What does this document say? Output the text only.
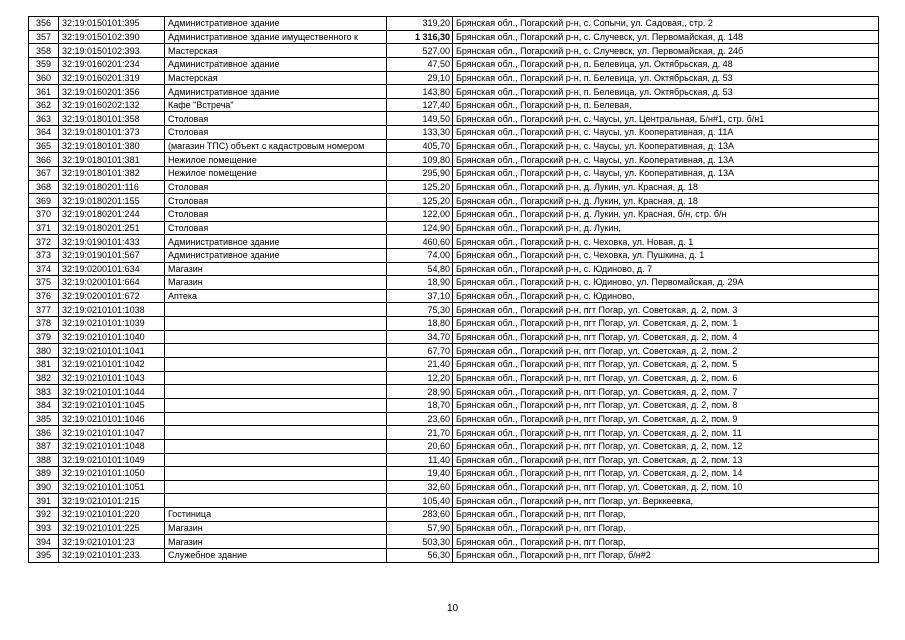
356	32:19:0150101:395	Административное здание	319,20	Брянская обл., Погарский р-н, с. Сопычи, ул. Садовая,, стр. 2
357	32:19:0150102:390	Административное здание имущественного к	1 316,30	Брянская обл., Погарский р-н, с. Случевск, ул. Первомайская, д. 148
358	32:19:0150102:393	Мастерская	527,00	Брянская обл., Погарский р-н, с. Случевск, ул. Первомайская, д. 24б
359	32:19:0160201:234	Административное здание	47,50	Брянская обл., Погарский р-н, п. Белевица, ул. Октябрьская, д. 48
360	32:19:0160201:319	Мастерская	29,10	Брянская обл., Погарский р-н, п. Белевица, ул. Октябрьская, д. 53
361	32:19:0160201:356	Административное здание	143,80	Брянская обл., Погарский р-н, п. Белевица, ул. Октябрьская, д. 53
362	32:19:0160202:132	Кафе "Встреча"	127,40	Брянская обл., Погарский р-н, п. Белевая,
363	32:19:0180101:358	Столовая	149,50	Брянская обл., Погарский р-н, с. Чаусы, ул. Центральная, Б/н#1, стр. б/н1
364	32:19:0180101:373	Столовая	133,30	Брянская обл., Погарский р-н, с. Чаусы, ул. Кооперативная, д. 11А
365	32:19:0180101:380	(магазин ТПС) объект с кадастровым номером	405,70	Брянская обл., Погарский р-н, с. Чаусы, ул. Кооперативная, д. 13А
366	32:19:0180101:381	Нежилое помещение	109,80	Брянская обл., Погарский р-н, с. Чаусы, ул. Кооперативная, д. 13А
367	32:19:0180101:382	Нежилое помещение	295,90	Брянская обл., Погарский р-н, с. Чаусы, ул. Кооперативная, д. 13А
368	32:19:0180201:116	Столовая	125,20	Брянская обл., Погарский р-н, д. Лукин, ул. Красная, д. 18
369	32:19:0180201:155	Столовая	125,20	Брянская обл., Погарский р-н, д. Лукин, ул. Красная, д. 18
370	32:19:0180201:244	Столовая	122,00	Брянская обл., Погарский р-н, д. Лукин, ул. Красная, б/н, стр. б/н
371	32:19:0180201:251	Столовая	124,90	Брянская обл., Погарский р-н, д. Лукин,
372	32:19:0190101:433	Административное здание	460,60	Брянская обл., Погарский р-н, с. Чеховка, ул. Новая, д. 1
373	32:19:0190101:567	Административное здание	74,00	Брянская обл., Погарский р-н, с. Чеховка, ул. Пушкина, д. 1
374	32:19:0200101:634	Магазин	54,80	Брянская обл., Погарский р-н, с. Юдиново, д. 7
375	32:19:0200101:664	Магазин	18,90	Брянская обл., Погарский р-н, с. Юдиново, ул. Первомайская, д. 29А
376	32:19:0200101:672	Аптека	37,10	Брянская обл., Погарский р-н, с. Юдиново,
377	32:19:0210101:1038		75,30	Брянская обл., Погарский р-н, пгт Погар, ул. Советская, д. 2, пом. 3
378	32:19:0210101:1039		18,80	Брянская обл., Погарский р-н, пгт Погар, ул. Советская, д. 2, пом. 1
379	32:19:0210101:1040		34,70	Брянская обл., Погарский р-н, пгт Погар, ул. Советская, д. 2, пом. 4
380	32:19:0210101:1041		67,70	Брянская обл., Погарский р-н, пгт Погар, ул. Советская, д. 2, пом. 2
381	32:19:0210101:1042		21,40	Брянская обл., Погарский р-н, пгт Погар, ул. Советская, д. 2, пом. 5
382	32:19:0210101:1043		12,20	Брянская обл., Погарский р-н, пгт Погар, ул. Советская, д. 2, пом. 6
383	32:19:0210101:1044		28,90	Брянская обл., Погарский р-н, пгт Погар, ул. Советская, д. 2, пом. 7
384	32:19:0210101:1045		18,70	Брянская обл., Погарский р-н, пгт Погар, ул. Советская, д. 2, пом. 8
385	32:19:0210101:1046		23,60	Брянская обл., Погарский р-н, пгт Погар, ул. Советская, д. 2, пом. 9
386	32:19:0210101:1047		21,70	Брянская обл., Погарский р-н, пгт Погар, ул. Советская, д. 2, пом. 11
387	32:19:0210101:1048		20,60	Брянская обл., Погарский р-н, пгт Погар, ул. Советская, д. 2, пом. 12
388	32:19:0210101:1049		11,40	Брянская обл., Погарский р-н, пгт Погар, ул. Советская, д. 2, пом. 13
389	32:19:0210101:1050		19,40	Брянская обл., Погарский р-н, пгт Погар, ул. Советская, д. 2, пом. 14
390	32:19:0210101:1051		32,60	Брянская обл., Погарский р-н, пгт Погар, ул. Советская, д. 2, пом. 10
391	32:19:0210101:215		105,40	Брянская обл., Погарский р-н, пгт Погар, ул. Верккеевка,
392	32:19:0210101:220	Гостиница	283,60	Брянская обл., Погарский р-н, пгт Погар,
393	32:19:0210101:225	Магазин	57,90	Брянская обл., Погарский р-н, пгт Погар,
394	32:19:0210101:23	Магазин	503,30	Брянская обл., Погарский р-н, пгт Погар,
395	32:19:0210101:233	Служебное здание	56,30	Брянская обл., Погарский р-н, пгт Погар, б/н#2
10
